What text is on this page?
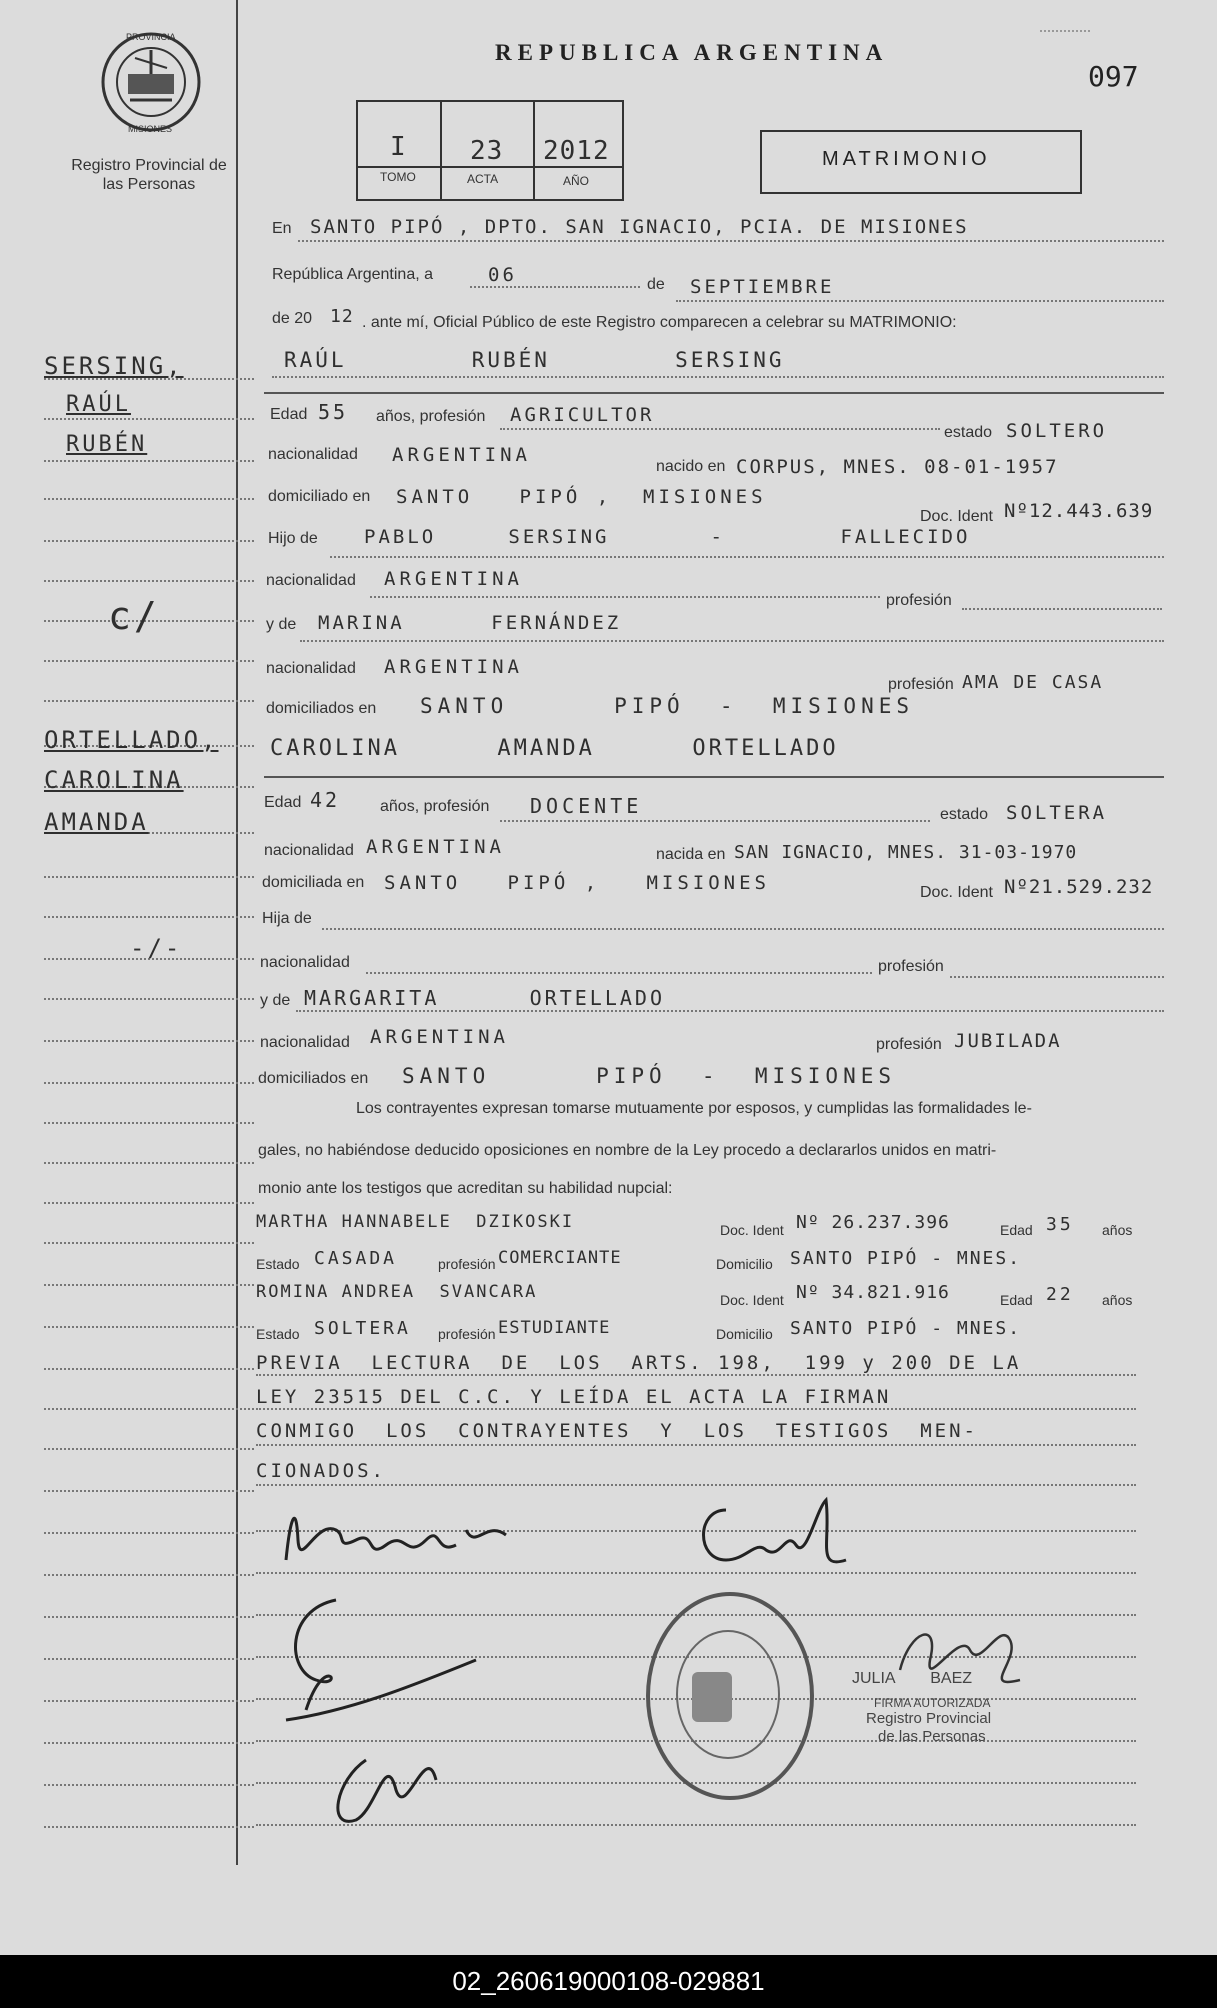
PROVINCIA
MISIONES
Registro Provincial de las Personas
REPUBLICA ARGENTINA
097
I 23 2012
TOMO	ACTA	AÑO
MATRIMONIO
SERSING,
RAÚL
RUBÉN
c/
ORTELLADO,
CAROLINA
AMANDA
-/-
En SANTO PIPÓ , DPTO. SAN IGNACIO, PCIA. DE MISIONES
República Argentina, a	06	de SEPTIEMBRE
de 20 12 . ante mí, Oficial Público de este Registro comparecen a celebrar su MATRIMONIO:
RAÚL        RUBÉN        SERSING
Edad 55 años, profesión AGRICULTOR
estado SOLTERO
nacionalidad ARGENTINA
nacido en CORPUS, MNES. 08-01-1957
domiciliado en SANTO   PIPÓ ,  MISIONES
Doc. Ident Nº12.443.639
Hijo de PABLO     SERSING       -        FALLECIDO
nacionalidad ARGENTINA
profesión
y de MARINA      FERNÁNDEZ
nacionalidad ARGENTINA
profesión AMA DE CASA
domiciliados en SANTO      PIPÓ  -  MISIONES
CAROLINA      AMANDA      ORTELLADO
Edad 42 años, profesión DOCENTE	estado SOLTERA
nacionalidad ARGENTINA	nacida en SAN IGNACIO, MNES. 31-03-1970
domiciliada en SANTO   PIPÓ ,   MISIONES	Doc. Ident Nº21.529.232
Hija de
nacionalidad	profesión
y de MARGARITA      ORTELLADO
nacionalidad ARGENTINA	profesión JUBILADA
domiciliados en SANTO      PIPÓ  -  MISIONES
Los contrayentes expresan tomarse mutuamente por esposos, y cumplidas las formalidades le-
gales, no habiéndose deducido oposiciones en nombre de la Ley procedo a declararlos unidos en matri-
monio ante los testigos que acreditan su habilidad nupcial:
MARTHA HANNABELE  DZIKOSKI	Doc. Ident Nº 26.237.396	Edad 35 años
Estado CASADA	profesión COMERCIANTE	Domicilio SANTO PIPÓ - MNES.
ROMINA ANDREA  SVANCARA	Doc. Ident Nº 34.821.916	Edad 22 años
Estado SOLTERA profesión ESTUDIANTE	Domicilio SANTO PIPÓ - MNES.
PREVIA  LECTURA  DE  LOS  ARTS. 198,  199 y 200 DE LA
LEY 23515 DEL C.C. Y LEÍDA EL ACTA LA FIRMAN
CONMIGO  LOS  CONTRAYENTES  Y  LOS  TESTIGOS  MEN-
CIONADOS.
JULIA        BAEZ
FIRMA AUTORIZADA
Registro Provincial
de las Personas
02_260619000108-029881
